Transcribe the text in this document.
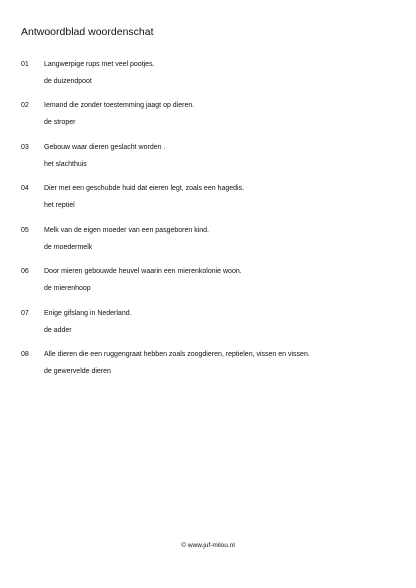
Antwoordblad woordenschat
01	Langwerpige rups met veel pootjes.
de duizendpoot
02	Iemand die zonder toestemming jaagt op dieren.
de stroper
03	Gebouw waar dieren geslacht worden .
het slachthuis
04	Dier met een geschubde huid dat eieren legt, zoals een hagedis.
het reptiel
05	Melk van de eigen moeder van een pasgeboren kind.
de moedermelk
06	Door mieren gebouwde heuvel waarin een mierenkolonie woon.
de mierenhoop
07	Enige gifslang in Nederland.
de adder
08	Alle dieren die een ruggengraat hebben zoals zoogdieren, reptielen, vissen en vissen.
de gewervelde dieren
© www.juf-milou.nl
